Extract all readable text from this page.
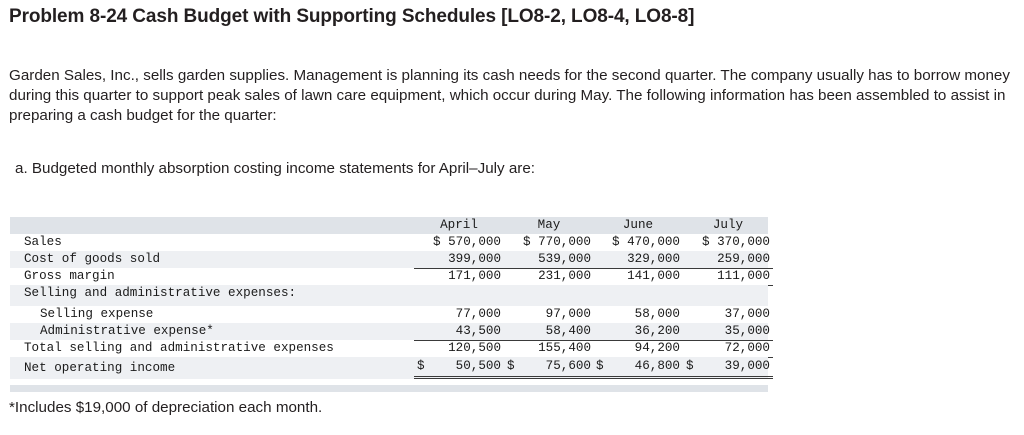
Problem 8-24 Cash Budget with Supporting Schedules [LO8-2, LO8-4, LO8-8]
Garden Sales, Inc., sells garden supplies. Management is planning its cash needs for the second quarter. The company usually has to borrow money during this quarter to support peak sales of lawn care equipment, which occur during May. The following information has been assembled to assist in preparing a cash budget for the quarter:
a. Budgeted monthly absorption costing income statements for April–July are:
April	May	June	July
Sales	$ 570,000 $ 770,000 $ 470,000 $ 370,000
Cost of goods sold	399,000	539,000	329,000	259,000
Gross margin	171,000	231,000	141,000	111,000
Selling and administrative expenses:
Selling expense	77,000	97,000	58,000	37,000
Administrative expense*	43,500	58,400	36,200	35,000
Total selling and administrative expenses	120,500	155,400	94,200	72,000
Net operating income	$ 50,500 $ 75,600 $ 46,800 $ 39,000
*Includes $19,000 of depreciation each month.
